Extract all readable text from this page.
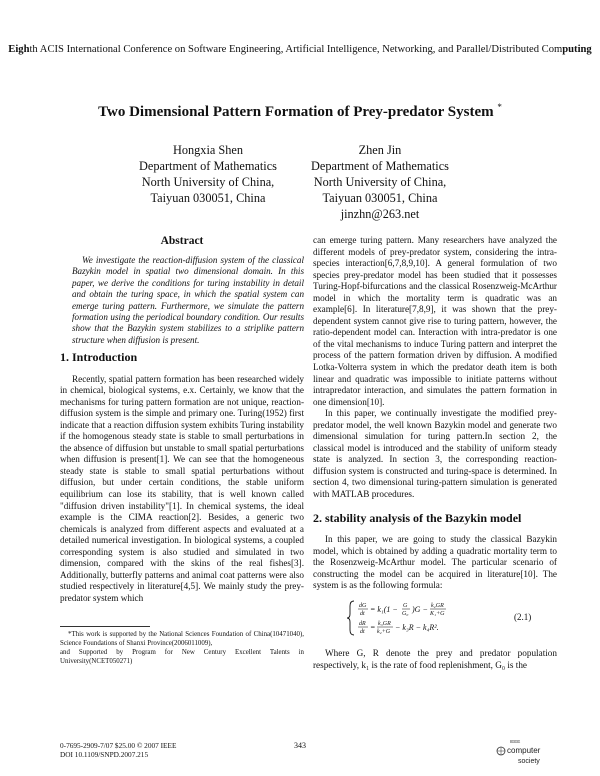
Eighth ACIS International Conference on Software Engineering, Artificial Intelligence, Networking, and Parallel/Distributed Computing
Two Dimensional Pattern Formation of Prey-predator System *
Hongxia Shen
Department of Mathematics
North University of China,
Taiyuan 030051, China
Zhen Jin
Department of Mathematics
North University of China,
Taiyuan 030051, China
jinzhn@263.net
Abstract
We investigate the reaction-diffusion system of the classical Bazykin model in spatial two dimensional domain. In this paper, we derive the conditions for turing instability in detail and obtain the turing space, in which the spatial system can emerge turing pattern. Furthermore, we simulate the pattern formation using the periodical boundary condition. Our results show that the Bazykin system stabilizes to a striplike pattern structure when diffusion is present.
1. Introduction

Recently, spatial pattern formation has been researched widely in chemical, biological systems, e.x. Certainly, we know that the mechanisms for turing pattern formation are not unique, reaction-diffusion system is the simple and primary one. Turing(1952) first indicate that a reaction diffusion system exhibits Turing instability if the homogenous steady state is stable to small perturbations in the absence of diffusion but unstable to small spatial perturbations when diffusion is present[1]. We can see that the homogeneous steady state is stable to small spatial perturbations without diffusion, but under certain conditions, the stable uniform equilibrium can lose its stability, that is well known called "diffusion driven instability"[1]. In chemical systems, the ideal example is the CIMA reaction[2]. Besides, a generic two chemicals is analyzed from different aspects and evaluated at a detailed numerical investigation. In biological systems, a coupled corresponding system is also studied and simulated in two dimension, compared with the skins of the real fishes[3]. Additionally, butterfly patterns and animal coat patterns were also studied respectively in literature[4,5]. We mainly study the prey-predator system which

*This work is supported by the National Sciences Foundation of China(10471040), Science Foundations of Shanxi Province(2006011009),

and Supported by Program for New Century Excellent Talents in University(NCET050271)

can emerge turing pattern. Many researchers have analyzed the different models of prey-predator system, considering the intra-species interaction[6,7,8,9,10]. A general formulation of two species prey-predator model has been studied that it possesses Turing-Hopf-bifurcations and the classical Rosenzweig-McArthur model in which the mortality term is quadratic was an example[6]. In literature[7,8,9], it was shown that the prey-dependent system cannot give rise to turing pattern, however, the ratio-dependent model can. Interaction with intra-predator is one of the vital mechanisms to induce Turing pattern and interpret the process of the pattern formation driven by diffusion. A modified Lotka-Volterra system in which the predator death item is both linear and quadratic was impossible to initiate patterns without intrapredator interaction, and simulates the pattern formation in one dimension[10].

In this paper, we continually investigate the modified prey-predator model, the well known Bazykin model and generate two dimensional simulation for turing pattern.In section 2, the classical model is introduced and the stability of uniform steady state is analyzed. In section 3, the corresponding reaction-diffusion system is constructed and turing-space is determined. In section 4, two dimensional turing-pattern simulation is generated with MATLAB procedures.

2. stability analysis of the Bazykin model

In this paper, we are going to study the classical Bazykin model, which is obtained by adding a quadratic mortality term to the Rosenzweig-McArthur model. The particular scenario of constructing the model can be acquired in literature[10]. The system is as the following formula:

dG
dt = k₁(1 − G
G₀ )G − k₂GR
K₁+G
dR
dt = k₃GR
k₂+G − k₃R − k₄R².
(2.1)

Where G, R denote the prey and predator population respectively, k₁ is the rate of food replenishment, G₀ is the

0-7695-2909-7/07 $25.00 © 2007 IEEE
DOI 10.1109/SNPD.2007.215
343	IEEE
computer
society
